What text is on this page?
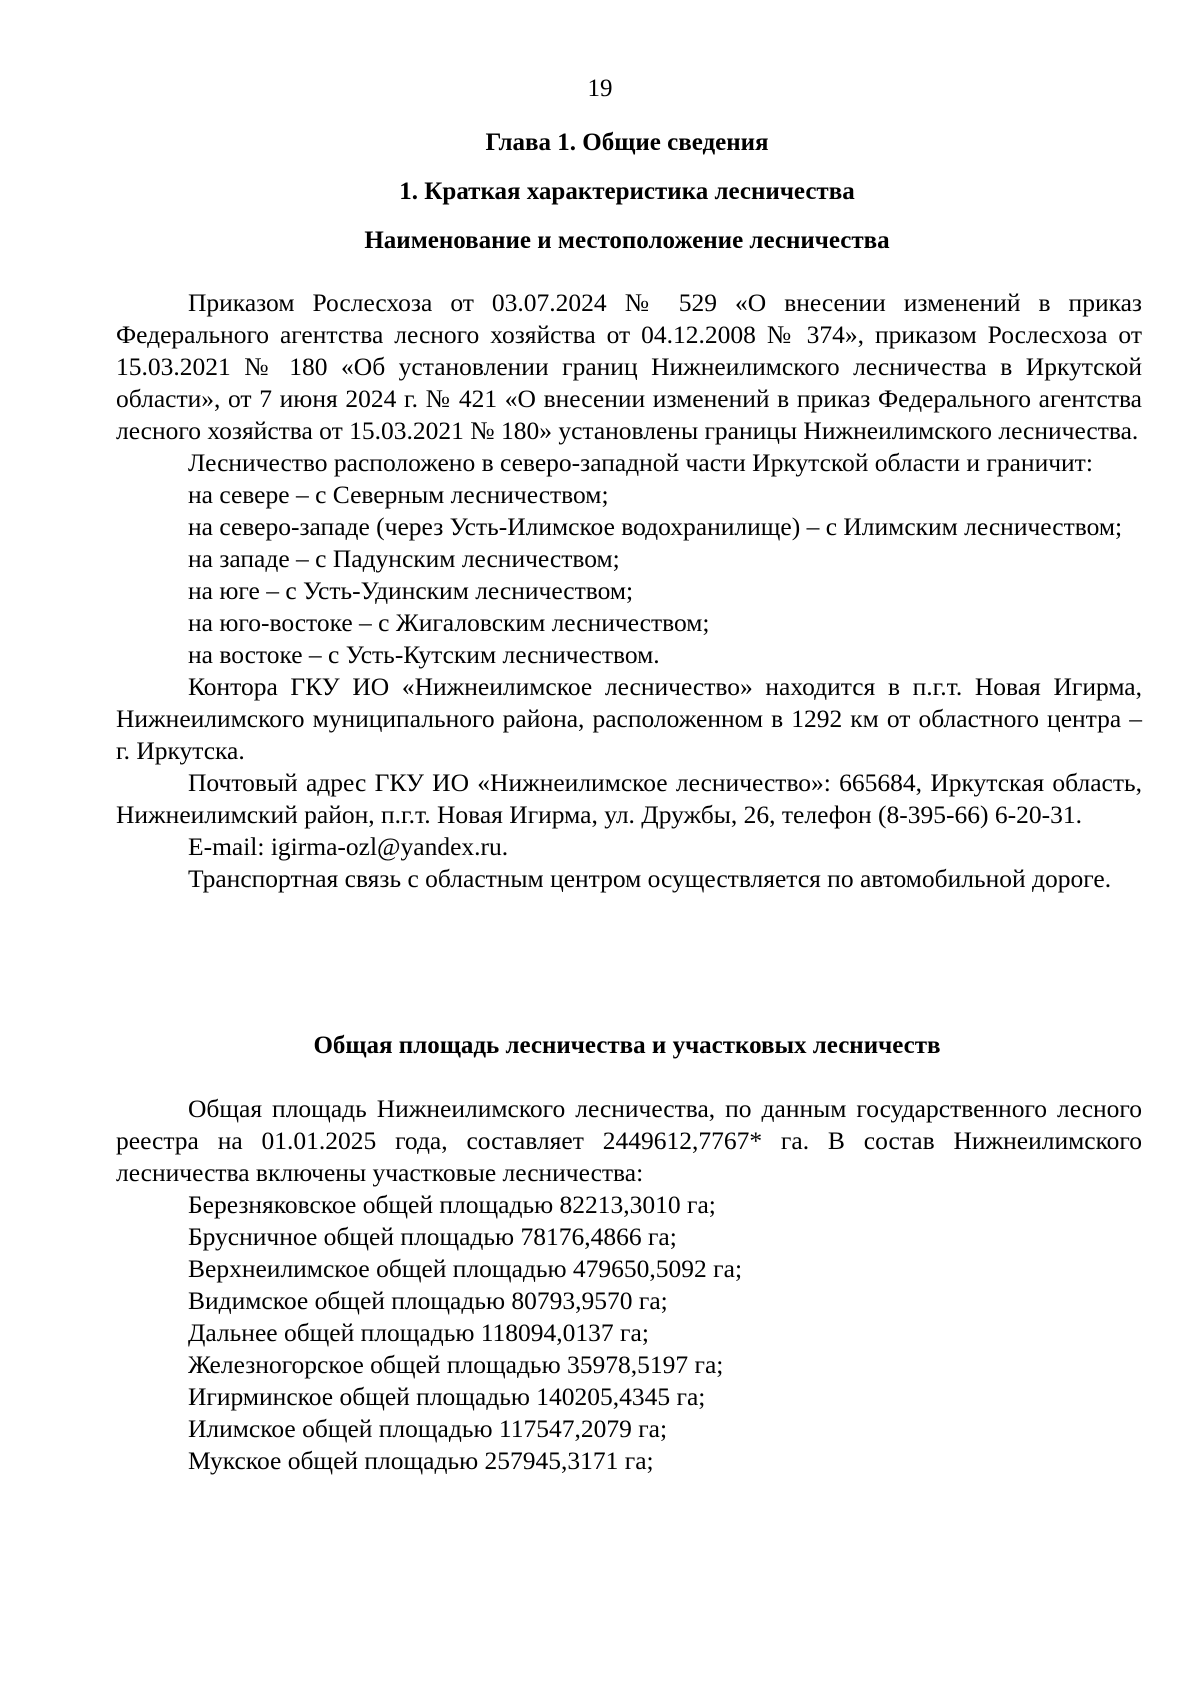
19
Глава 1. Общие сведения
1. Краткая характеристика лесничества
Наименование и местоположение лесничества

Приказом Рослесхоза от 03.07.2024 № 529 «О внесении изменений в приказ Федерального агентства лесного хозяйства от 04.12.2008 № 374», приказом Рослесхоза от 15.03.2021 № 180 «Об установлении границ Нижнеилимского лесничества в Иркутской области», от 7 июня 2024 г. № 421 «О внесении изменений в приказ Федерального агентства лесного хозяйства от 15.03.2021 № 180» установлены границы Нижнеилимского лесничества.

Лесничество расположено в северо-западной части Иркутской области и граничит:

на севере – с Северным лесничеством;

на северо-западе (через Усть-Илимское водохранилище) – с Илимским лесничеством;

на западе – с Падунским лесничеством;

на юге – с Усть-Удинским лесничеством;

на юго-востоке – с Жигаловским лесничеством;

на востоке – с Усть-Кутским лесничеством.

Контора ГКУ ИО «Нижнеилимское лесничество» находится в п.г.т. Новая Игирма, Нижнеилимского муниципального района, расположенном в 1292 км от областного центра – г. Иркутска.

Почтовый адрес ГКУ ИО «Нижнеилимское лесничество»: 665684, Иркутская область, Нижнеилимский район, п.г.т. Новая Игирма, ул. Дружбы, 26, телефон (8-395-66) 6-20-31.

E-mail: igirma-ozl@yandex.ru.

Транспортная связь с областным центром осуществляется по автомобильной дороге.

Общая площадь лесничества и участковых лесничеств

Общая площадь Нижнеилимского лесничества, по данным государственного лесного реестра на 01.01.2025 года, составляет 2449612,7767* га. В состав Нижнеилимского лесничества включены участковые лесничества:

Березняковское общей площадью 82213,3010 га;

Брусничное общей площадью 78176,4866 га;

Верхнеилимское общей площадью 479650,5092 га;

Видимское общей площадью 80793,9570 га;

Дальнее общей площадью 118094,0137 га;

Железногорское общей площадью 35978,5197 га;

Игирминское общей площадью 140205,4345 га;

Илимское общей площадью 117547,2079 га;

Мукское общей площадью 257945,3171 га;
